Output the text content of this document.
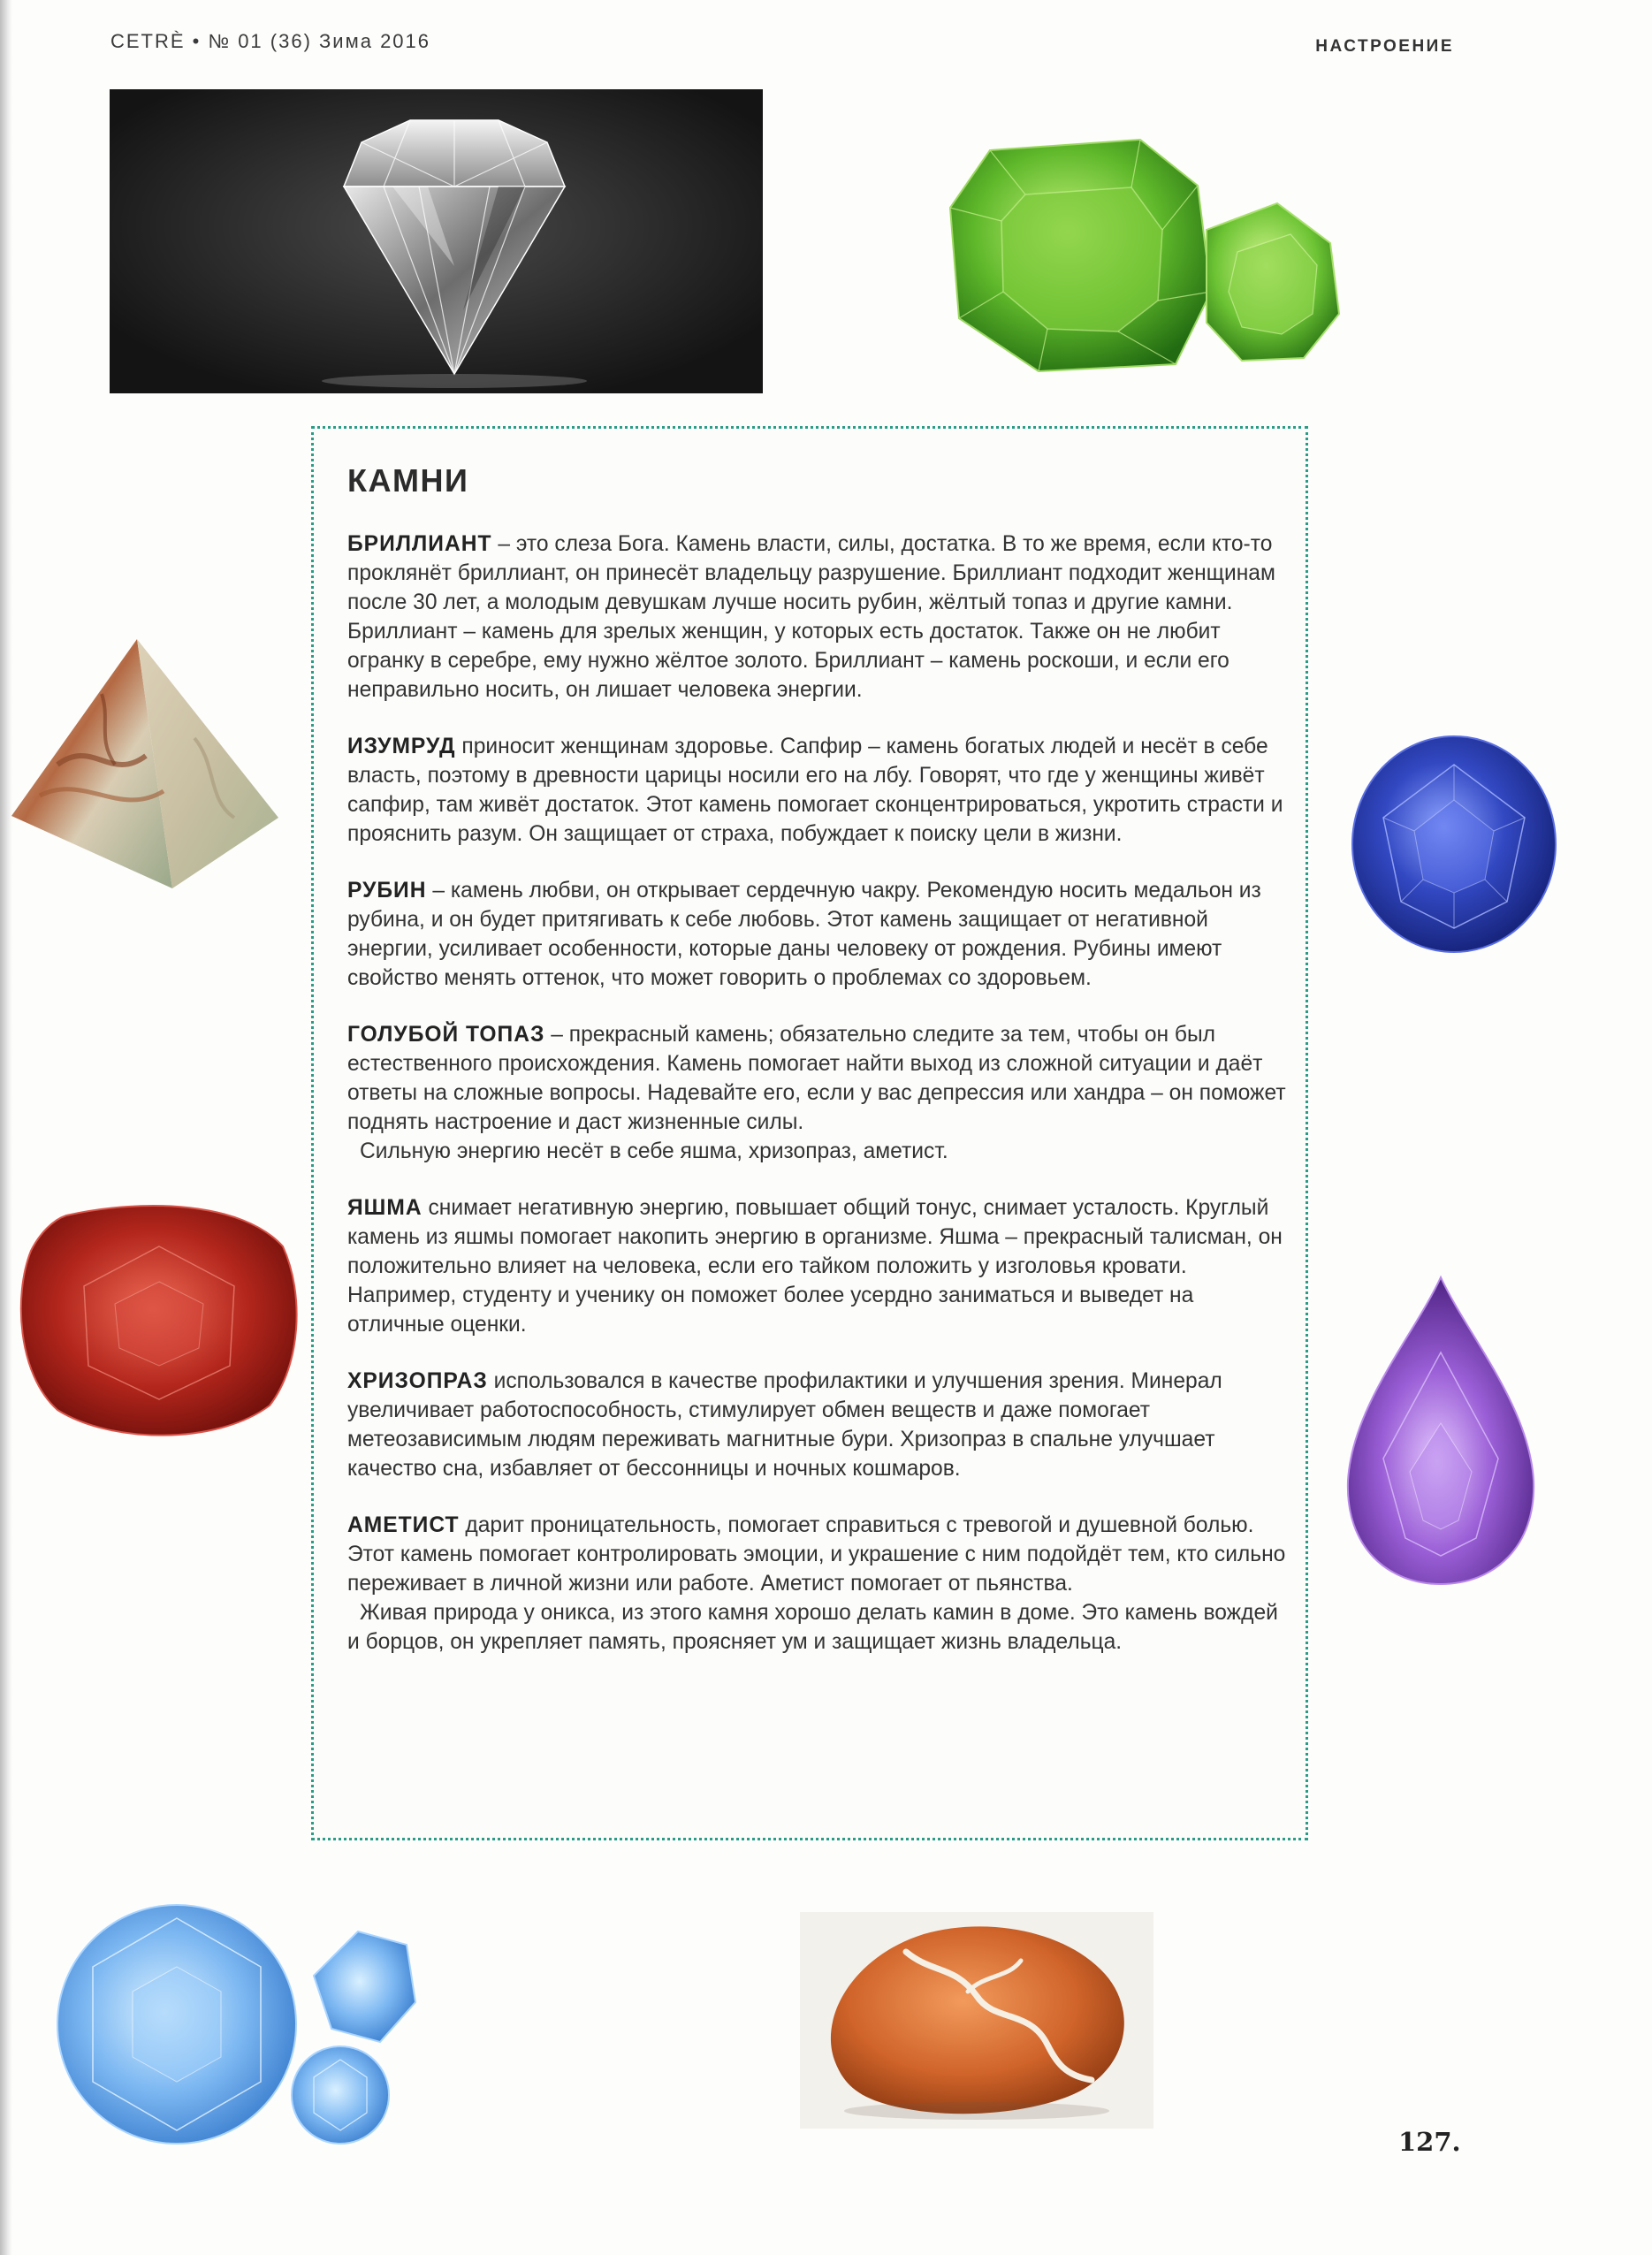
CETRÈ • № 01 (36) Зима 2016	НАСТРОЕНИЕ
КАМНИ

БРИЛЛИАНТ – это слеза Бога. Камень власти, силы, достатка. В то же время, если кто-то проклянёт бриллиант, он принесёт владельцу разрушение. Бриллиант подходит женщинам после 30 лет, а молодым девушкам лучше носить рубин, жёлтый топаз и другие камни. Бриллиант – камень для зрелых женщин, у которых есть достаток. Также он не любит огранку в серебре, ему нужно жёлтое золото. Бриллиант – камень роскоши, и если его неправильно носить, он лишает человека энергии.

ИЗУМРУД приносит женщинам здоровье. Сапфир – камень богатых людей и несёт в себе власть, поэтому в древности царицы носили его на лбу. Говорят, что где у женщины живёт сапфир, там живёт достаток. Этот камень помогает сконцентрироваться, укротить страсти и прояснить разум. Он защищает от страха, побуждает к поиску цели в жизни.

РУБИН – камень любви, он открывает сердечную чакру. Рекомендую носить медальон из рубина, и он будет притягивать к себе любовь. Этот камень защищает от негативной энергии, усиливает особенности, которые даны человеку от рождения. Рубины имеют свойство менять оттенок, что может говорить о проблемах со здоровьем.

ГОЛУБОЙ ТОПАЗ – прекрасный камень; обязательно следите за тем, чтобы он был естественного происхождения. Камень помогает найти выход из сложной ситуации и даёт ответы на сложные вопросы. Надевайте его, если у вас депрессия или хандра – он поможет поднять настроение и даст жизненные силы.
Сильную энергию несёт в себе яшма, хризопраз, аметист.

ЯШМА снимает негативную энергию, повышает общий тонус, снимает усталость. Круглый камень из яшмы помогает накопить энергию в организме. Яшма – прекрасный талисман, он положительно влияет на человека, если его тайком положить у изголовья кровати. Например, студенту и ученику он поможет более усердно заниматься и выведет на отличные оценки.

ХРИЗОПРАЗ использовался в качестве профилактики и улучшения зрения. Минерал увеличивает работоспособность, стимулирует обмен веществ и даже помогает метеозависимым людям переживать магнитные бури. Хризопраз в спальне улучшает качество сна, избавляет от бессонницы и ночных кошмаров.

АМЕТИСТ дарит проницательность, помогает справиться с тревогой и душевной болью. Этот камень помогает контролировать эмоции, и украшение с ним подойдёт тем, кто сильно переживает в личной жизни или работе. Аметист помогает от пьянства.
Живая природа у оникса, из этого камня хорошо делать камин в доме. Это камень вождей и борцов, он укрепляет память, проясняет ум и защищает жизнь владельца.

127.
